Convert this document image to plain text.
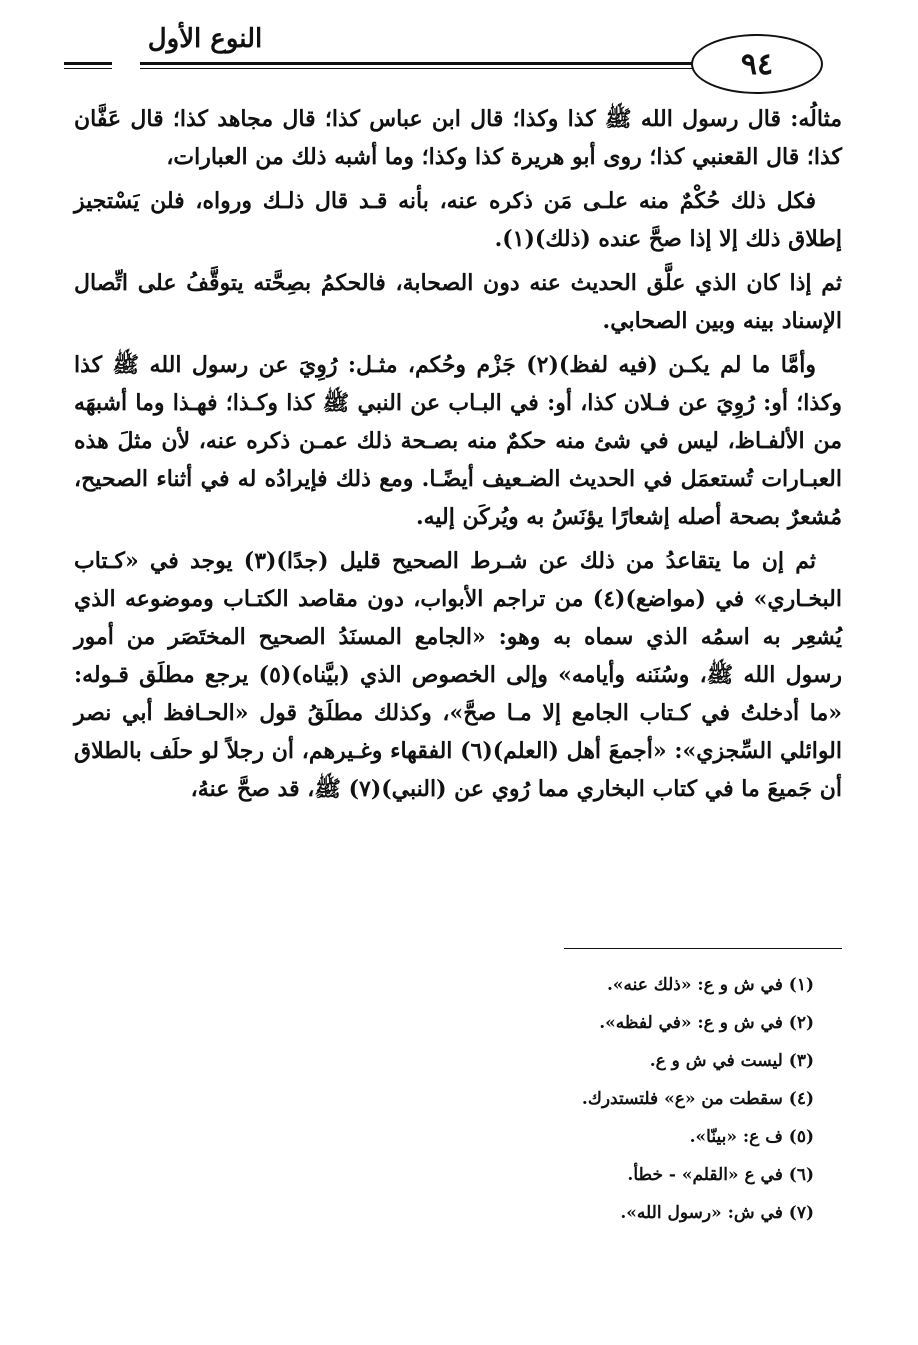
النوع الأول
٩٤

مثالُه: قال رسول الله ﷺ كذا وكذا؛ قال ابن عباس كذا؛ قال مجاهد كذا؛ قال عَفَّان كذا؛ قال القعنبي كذا؛ روى أبو هريرة كذا وكذا؛ وما أشبه ذلك من العبارات،

فكل ذلك حُكْمٌ منه علـى مَن ذكره عنه، بأنه قـد قال ذلـك ورواه، فلن يَسْتجيز إطلاق ذلك إلا إذا صحَّ عنده (ذلك)(١).

ثم إذا كان الذي علَّق الحديث عنه دون الصحابة، فالحكمُ بصِحَّته يتوقَّفُ على اتِّصال الإسناد بينه وبين الصحابي.

وأمَّا ما لم يكـن (فيه لفظ)(٢) جَزْم وحُكم، مثـل: رُوِيَ عن رسول الله ﷺ كذا وكذا؛ أو: رُوِيَ عن فـلان كذا، أو: في البـاب عن النبي ﷺ كذا وكـذا؛ فهـذا وما أشبهَه من الألفـاظ، ليس في شئ منه حكمٌ منه بصـحة ذلك عمـن ذكره عنه، لأن مثلَ هذه العبـارات تُستعمَل في الحديث الضـعيف أيضًـا. ومع ذلك فإيرادُه له في أثناء الصحيح، مُشعرٌ بصحة أصله إشعارًا يؤنَسُ به ويُركَن إليه.

ثم إن ما يتقاعدُ من ذلك عن شـرط الصحيح قليل (جدًا)(٣) يوجد في «كـتاب البخـاري» في (مواضع)(٤) من تراجم الأبواب، دون مقاصد الكتـاب وموضوعه الذي يُشعِر به اسمُه الذي سماه به وهو: «الجامع المسنَدُ الصحيح المختَصَر من أمور رسول الله ﷺ، وسُنَنه وأيامه» وإلى الخصوص الذي (بيَّناه)(٥) يرجع مطلَق قـوله: «ما أدخلتُ في كـتاب الجامع إلا مـا صحَّ»، وكذلك مطلَقُ قول «الحـافظ أبي نصر الوائلي السِّجزي»: «أجمعَ أهل (العلم)(٦) الفقهاء وغـيرهم، أن رجلاً لو حلَف بالطلاق أن جَميعَ ما في كتاب البخاري مما رُوي عن (النبي)(٧) ﷺ، قد صحَّ عنهُ،

(١) في ش و ع: «ذلك عنه».
(٢) في ش و ع: «في لفظه».
(٣) ليست في ش و ع.
(٤) سقطت من «ع» فلتستدرك.
(٥) ف ع: «بينّا».
(٦) في ع «القلم» - خطأ.
(٧) في ش: «رسول الله».
